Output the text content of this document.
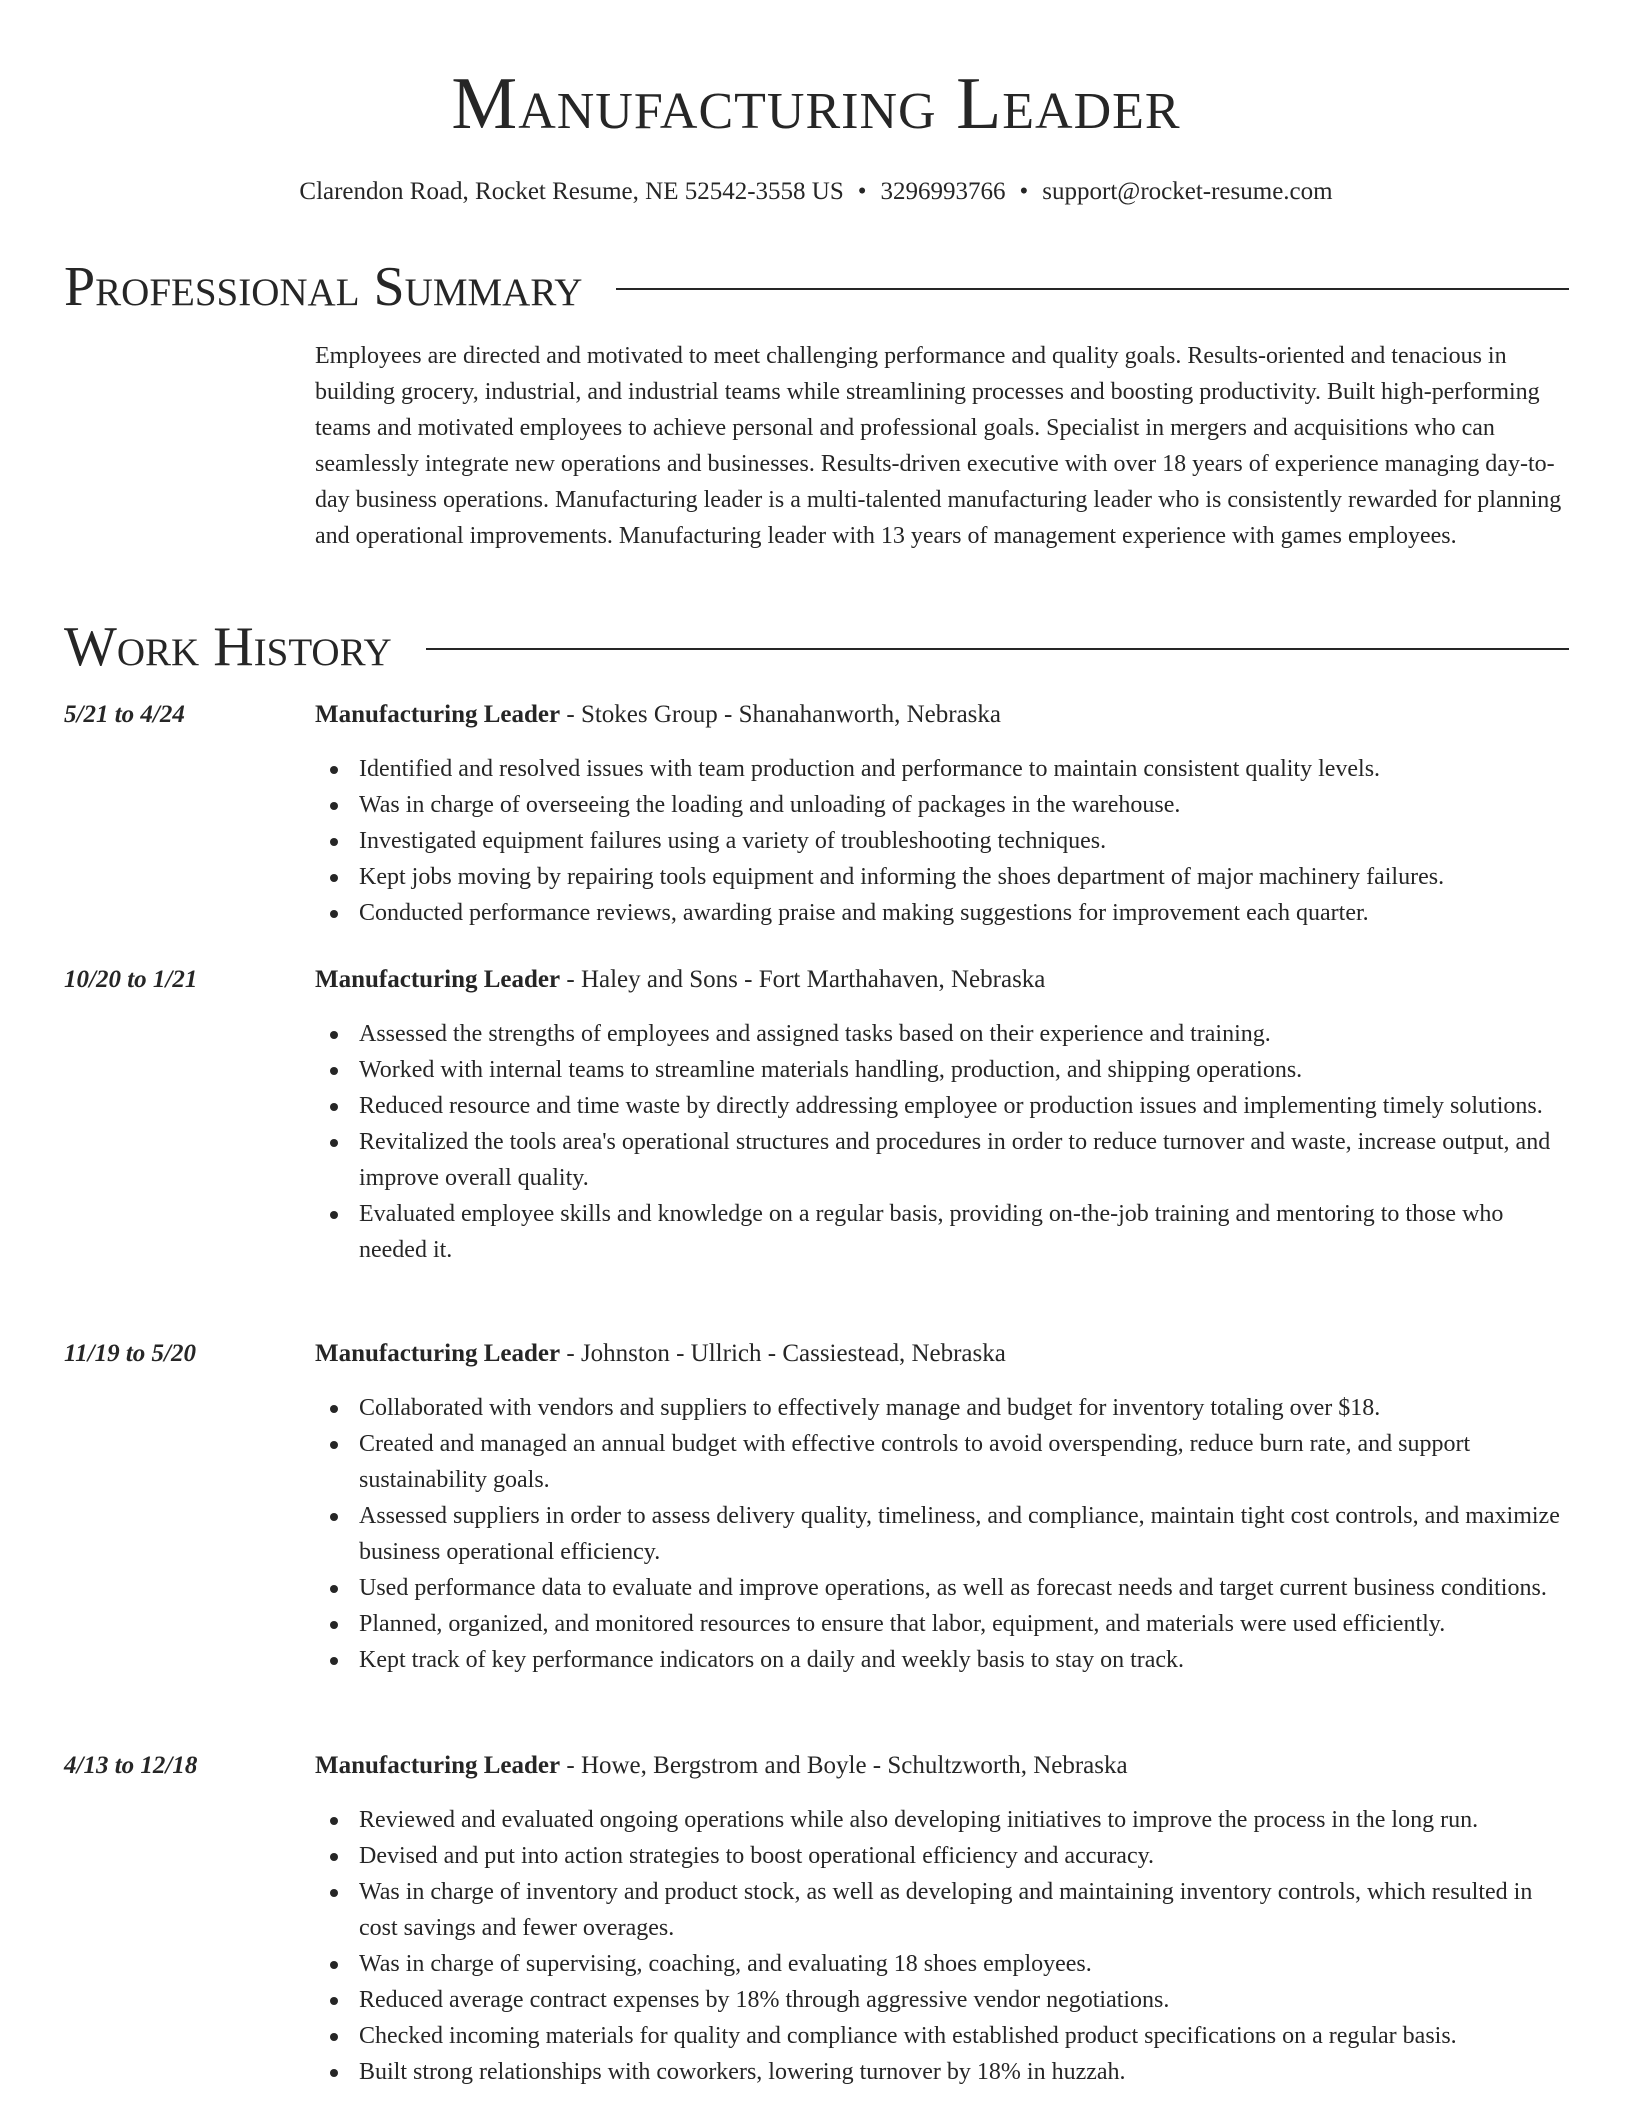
Manufacturing Leader
Clarendon Road, Rocket Resume, NE 52542-3558 US • 3296993766 • support@rocket-resume.com
Professional Summary

Employees are directed and motivated to meet challenging performance and quality goals. Results-oriented and tenacious in building grocery, industrial, and industrial teams while streamlining processes and boosting productivity. Built high-performing teams and motivated employees to achieve personal and professional goals. Specialist in mergers and acquisitions who can seamlessly integrate new operations and businesses. Results-driven executive with over 18 years of experience managing day-to-day business operations. Manufacturing leader is a multi-talented manufacturing leader who is consistently rewarded for planning and operational improvements. Manufacturing leader with 13 years of management experience with games employees.

Work History
5/21 to 4/24	Manufacturing Leader - Stokes Group - Shanahanworth, Nebraska
Identified and resolved issues with team production and performance to maintain consistent quality levels.
Was in charge of overseeing the loading and unloading of packages in the warehouse.
Investigated equipment failures using a variety of troubleshooting techniques.
Kept jobs moving by repairing tools equipment and informing the shoes department of major machinery failures.
Conducted performance reviews, awarding praise and making suggestions for improvement each quarter.
10/20 to 1/21	Manufacturing Leader - Haley and Sons - Fort Marthahaven, Nebraska
Assessed the strengths of employees and assigned tasks based on their experience and training.
Worked with internal teams to streamline materials handling, production, and shipping operations.
Reduced resource and time waste by directly addressing employee or production issues and implementing timely solutions.
Revitalized the tools area's operational structures and procedures in order to reduce turnover and waste, increase output, and improve overall quality.
Evaluated employee skills and knowledge on a regular basis, providing on-the-job training and mentoring to those who needed it.
11/19 to 5/20	Manufacturing Leader - Johnston - Ullrich - Cassiestead, Nebraska
Collaborated with vendors and suppliers to effectively manage and budget for inventory totaling over $18.
Created and managed an annual budget with effective controls to avoid overspending, reduce burn rate, and support sustainability goals.
Assessed suppliers in order to assess delivery quality, timeliness, and compliance, maintain tight cost controls, and maximize business operational efficiency.
Used performance data to evaluate and improve operations, as well as forecast needs and target current business conditions.
Planned, organized, and monitored resources to ensure that labor, equipment, and materials were used efficiently.
Kept track of key performance indicators on a daily and weekly basis to stay on track.
4/13 to 12/18	Manufacturing Leader - Howe, Bergstrom and Boyle - Schultzworth, Nebraska
Reviewed and evaluated ongoing operations while also developing initiatives to improve the process in the long run.
Devised and put into action strategies to boost operational efficiency and accuracy.
Was in charge of inventory and product stock, as well as developing and maintaining inventory controls, which resulted in cost savings and fewer overages.
Was in charge of supervising, coaching, and evaluating 18 shoes employees.
Reduced average contract expenses by 18% through aggressive vendor negotiations.
Checked incoming materials for quality and compliance with established product specifications on a regular basis.
Built strong relationships with coworkers, lowering turnover by 18% in huzzah.
